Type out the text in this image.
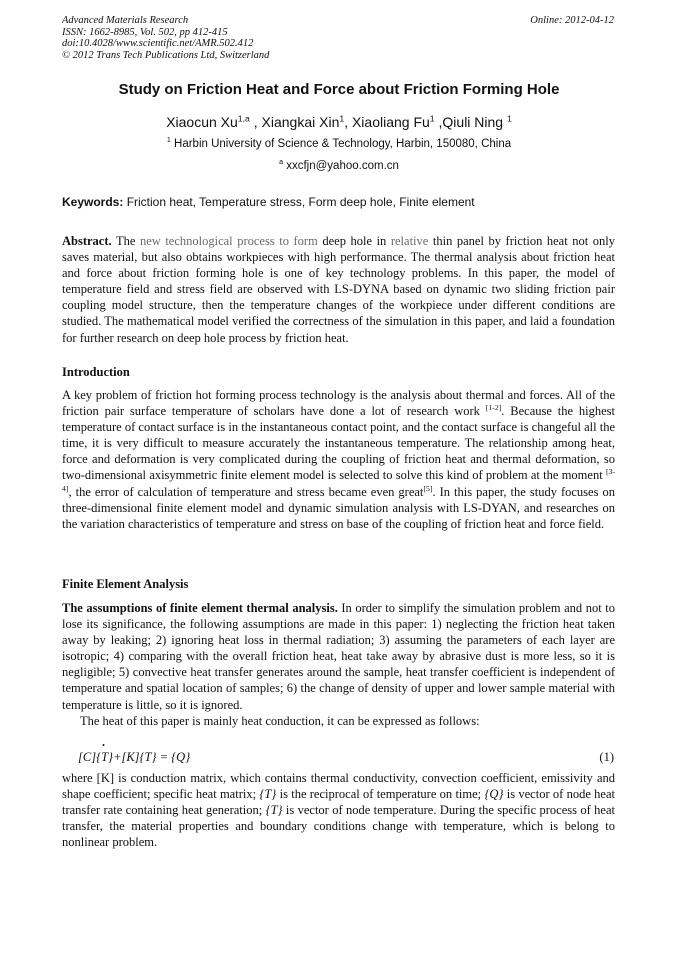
Advanced Materials Research
ISSN: 1662-8985, Vol. 502, pp 412-415
doi:10.4028/www.scientific.net/AMR.502.412
© 2012 Trans Tech Publications Ltd, Switzerland
Online: 2012-04-12
Study on Friction Heat and Force about Friction Forming Hole
Xiaocun Xu$^{1,a}$ , Xiangkai Xin$^1$, Xiaoliang Fu$^1$ ,Qiuli Ning $^1$
$^1$ Harbin University of Science & Technology, Harbin, 150080, China
$^a$ xxcfjn@yahoo.com.cn
Keywords: Friction heat, Temperature stress, Form deep hole, Finite element
Abstract. The new technological process to form deep hole in relative thin panel by friction heat not only saves material, but also obtains workpieces with high performance. The thermal analysis about friction heat and force about friction forming hole is one of key technology problems. In this paper, the model of temperature field and stress field are observed with LS-DYNA based on dynamic two sliding friction pair coupling model structure, then the temperature changes of the workpiece under different conditions are studied. The mathematical model verified the correctness of the simulation in this paper, and laid a foundation for further research on deep hole process by friction heat.
Introduction
A key problem of friction hot forming process technology is the analysis about thermal and forces. All of the friction pair surface temperature of scholars have done a lot of research work [1-2]. Because the highest temperature of contact surface is in the instantaneous contact point, and the contact surface is changeful all the time, it is very difficult to measure accurately the instantaneous temperature. The relationship among heat, force and deformation is very complicated during the coupling of friction heat and thermal deformation, so two-dimensional axisymmetric finite element model is selected to solve this kind of problem at the moment [3-4], the error of calculation of temperature and stress became even great[5]. In this paper, the study focuses on three-dimensional finite element model and dynamic simulation analysis with LS-DYAN, and researches on the variation characteristics of temperature and stress on base of the coupling of friction heat and force field.
Finite Element Analysis
The assumptions of finite element thermal analysis. In order to simplify the simulation problem and not to lose its significance, the following assumptions are made in this paper: 1) neglecting the friction heat taken away by leaking; 2) ignoring heat loss in thermal radiation; 3) assuming the parameters of each layer are isotropic; 4) comparing with the overall friction heat, heat take away by abrasive dust is more less, so it is negligible; 5) convective heat transfer generates around the sample, heat transfer coefficient is independent of temperature and spatial location of samples; 6) the change of density of upper and lower sample material with temperature is little, so it is ignored.
The heat of this paper is mainly heat conduction, it can be expressed as follows:
[C]{• T}+[K]{T} = {Q}	(1)
where [K] is conduction matrix, which contains thermal conductivity, convection coefficient, emissivity and shape coefficient; specific heat matrix; {T} is the reciprocal of temperature on time; {Q} is vector of node heat transfer rate containing heat generation; {T} is vector of node temperature. During the specific process of heat transfer, the material properties and boundary conditions change with temperature, which is belong to nonlinear problem.
